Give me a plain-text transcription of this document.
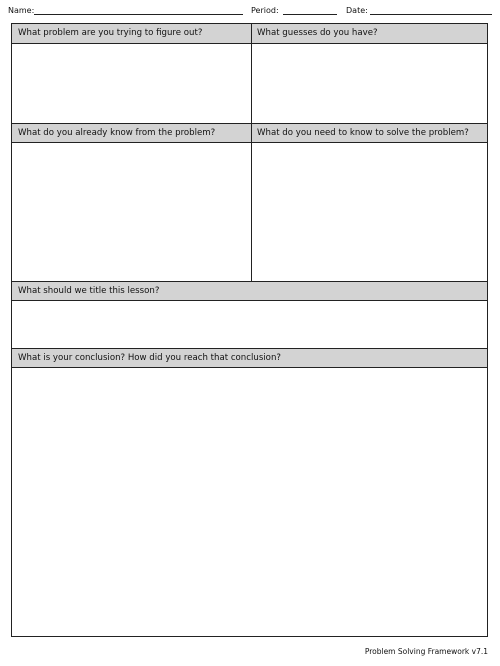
Name:	Period:	Date:
What problem are you trying to figure out?	What guesses do you have?
What do you already know from the problem?	What do you need to know to solve the problem?
What should we title this lesson?
What is your conclusion? How did you reach that conclusion?
Problem Solving Framework v7.1
